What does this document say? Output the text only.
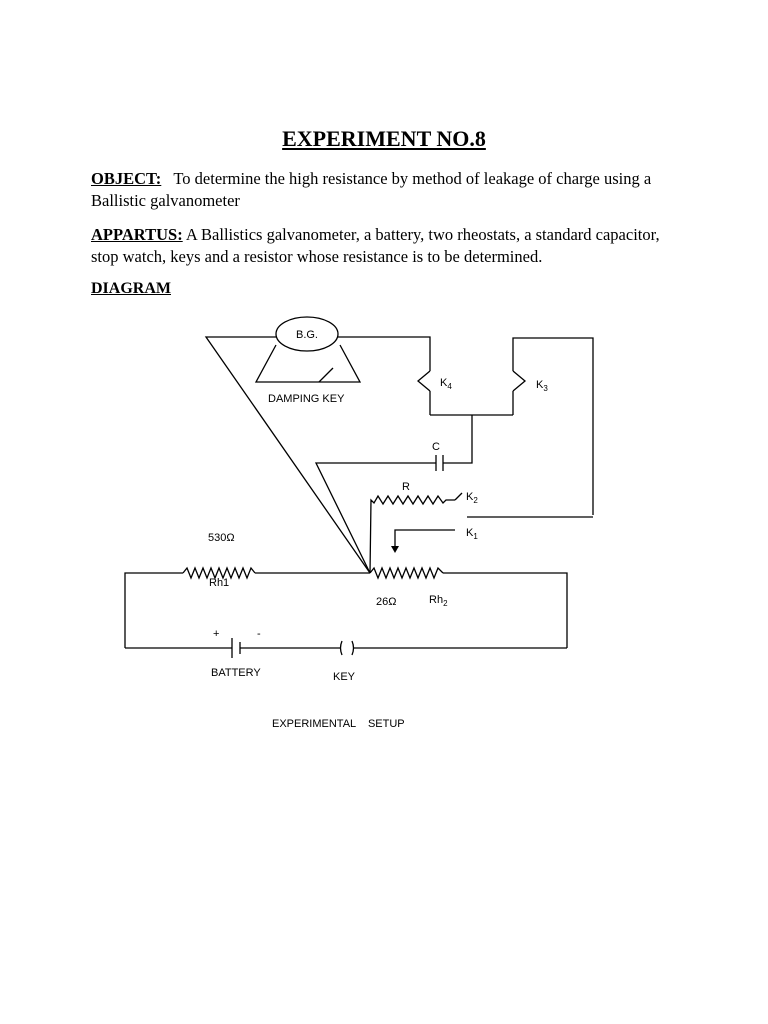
EXPERIMENT NO.8

OBJECT: To determine the high resistance by method of leakage of charge using a Ballistic galvanometer

APPARTUS: A Ballistics galvanometer, a battery, two rheostats, a standard capacitor, stop watch, keys and a resistor whose resistance is to be determined.

DIAGRAM
B.G.
DAMPING KEY
$K_4$	$K_3$
C
R
$K_2$
$K_1$
530Ω
Rh1
26Ω	$Rh_2$
+	-
BATTERY	KEY
EXPERIMENTAL    SETUP
